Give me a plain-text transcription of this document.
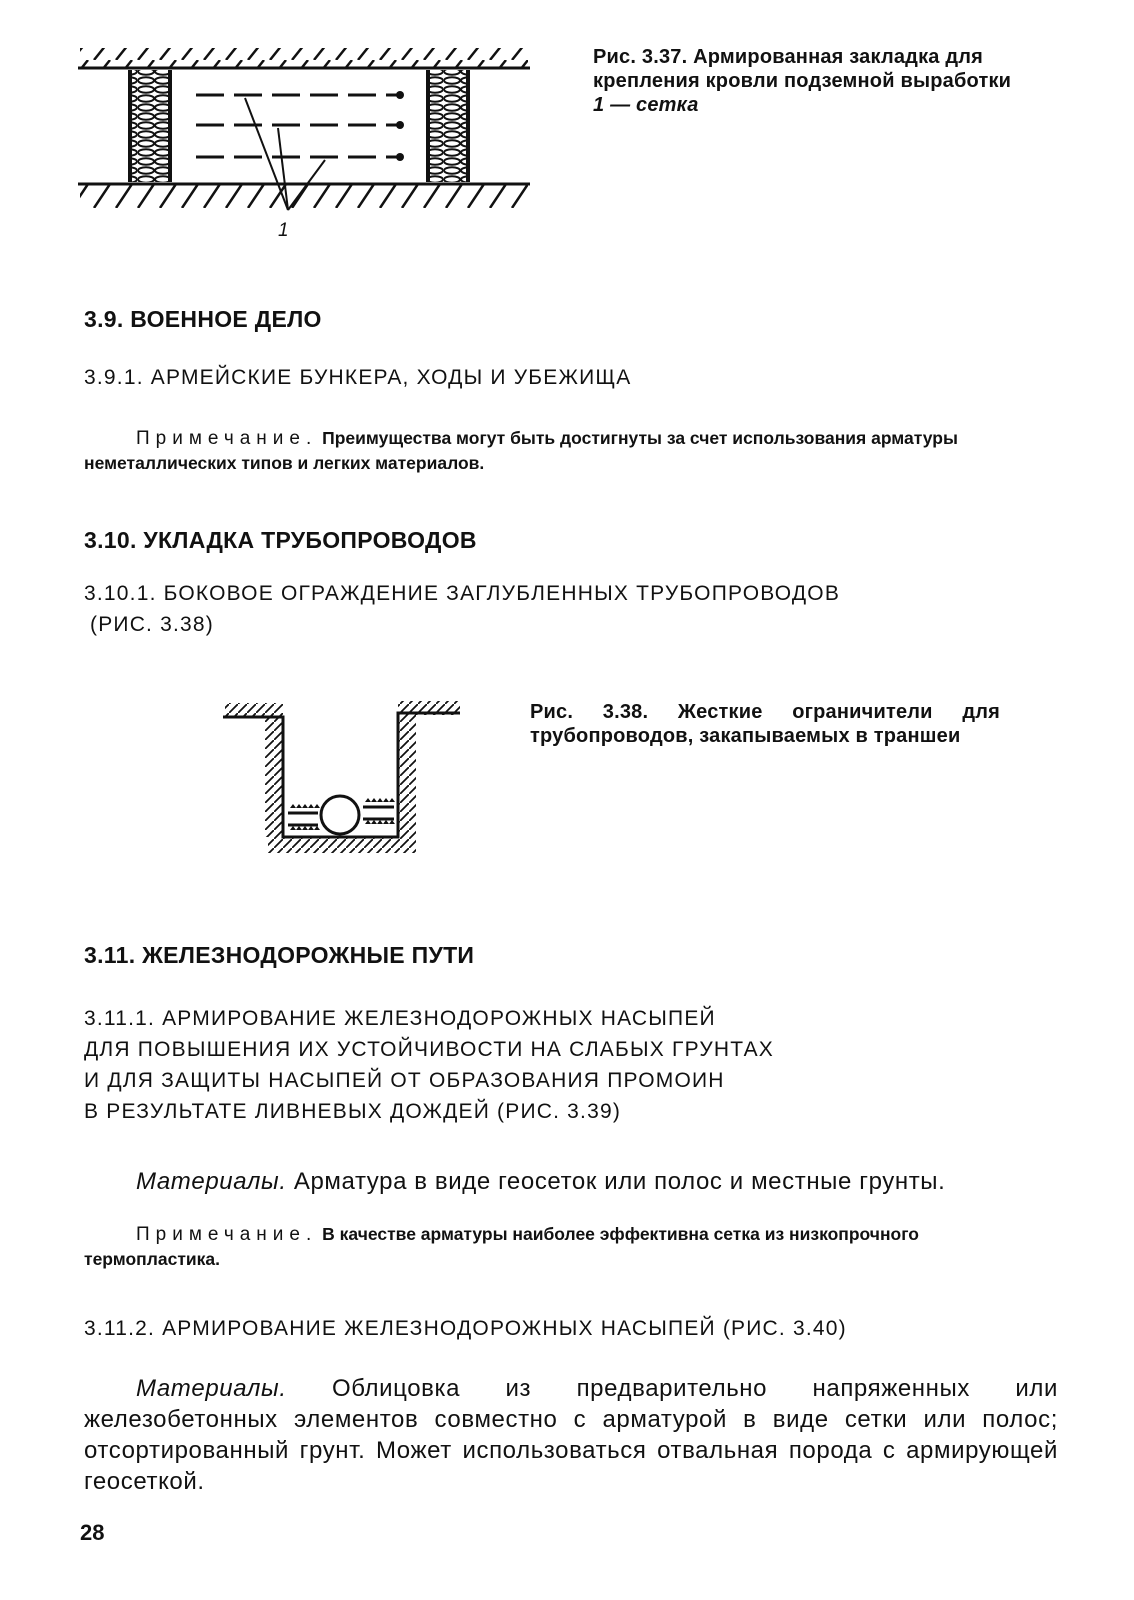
1
Рис. 3.37. Армированная закладка для крепления кровли подземной выработки
1 — сетка
3.9. ВОЕННОЕ ДЕЛО
3.9.1. АРМЕЙСКИЕ БУНКЕРА, ХОДЫ И УБЕЖИЩА
Примечание. Преимущества могут быть достигнуты за счет использования арматуры неметаллических типов и легких материалов.
3.10. УКЛАДКА ТРУБОПРОВОДОВ
3.10.1. БОКОВОЕ ОГРАЖДЕНИЕ ЗАГЛУБЛЕННЫХ ТРУБОПРОВОДОВ
(РИС. 3.38)
Рис. 3.38. Жесткие ограничители для трубопроводов, закапываемых в траншеи
3.11. ЖЕЛЕЗНОДОРОЖНЫЕ ПУТИ
3.11.1. АРМИРОВАНИЕ ЖЕЛЕЗНОДОРОЖНЫХ НАСЫПЕЙ
ДЛЯ ПОВЫШЕНИЯ ИХ УСТОЙЧИВОСТИ НА СЛАБЫХ ГРУНТАХ
И ДЛЯ ЗАЩИТЫ НАСЫПЕЙ ОТ ОБРАЗОВАНИЯ ПРОМОИН
В РЕЗУЛЬТАТЕ ЛИВНЕВЫХ ДОЖДЕЙ (РИС. 3.39)
Материалы. Арматура в виде геосеток или полос и местные грунты.
Примечание. В качестве арматуры наиболее эффективна сетка из низкопрочного термопластика.
3.11.2. АРМИРОВАНИЕ ЖЕЛЕЗНОДОРОЖНЫХ НАСЫПЕЙ (РИС. 3.40)
Материалы. Облицовка из предварительно напряженных или железобетонных элементов совместно с арматурой в виде сетки или полос; отсортированный грунт. Может использоваться отвальная порода с армирующей геосеткой.
28
